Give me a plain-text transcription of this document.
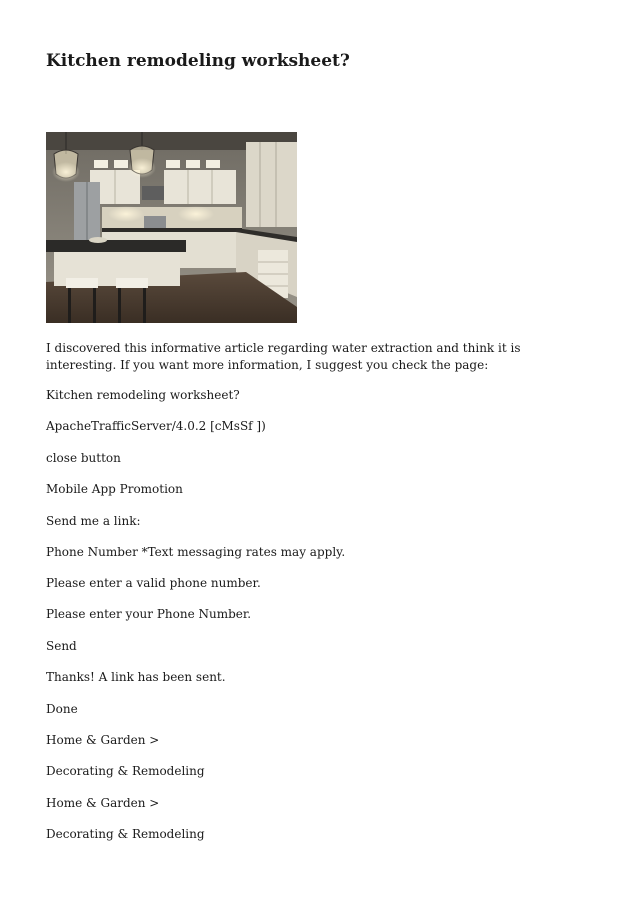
Kitchen remodeling worksheet?

I discovered this informative article regarding water extraction and think it is interesting. If you want more information, I suggest you check the page:

Kitchen remodeling worksheet?

ApacheTrafficServer/4.0.2 [cMsSf ])

close button

Mobile App Promotion

Send me a link:

Phone Number *Text messaging rates may apply.

Please enter a valid phone number.

Please enter your Phone Number.

Send

Thanks! A link has been sent.

Done

Home & Garden >

Decorating & Remodeling

Home & Garden >

Decorating & Remodeling
